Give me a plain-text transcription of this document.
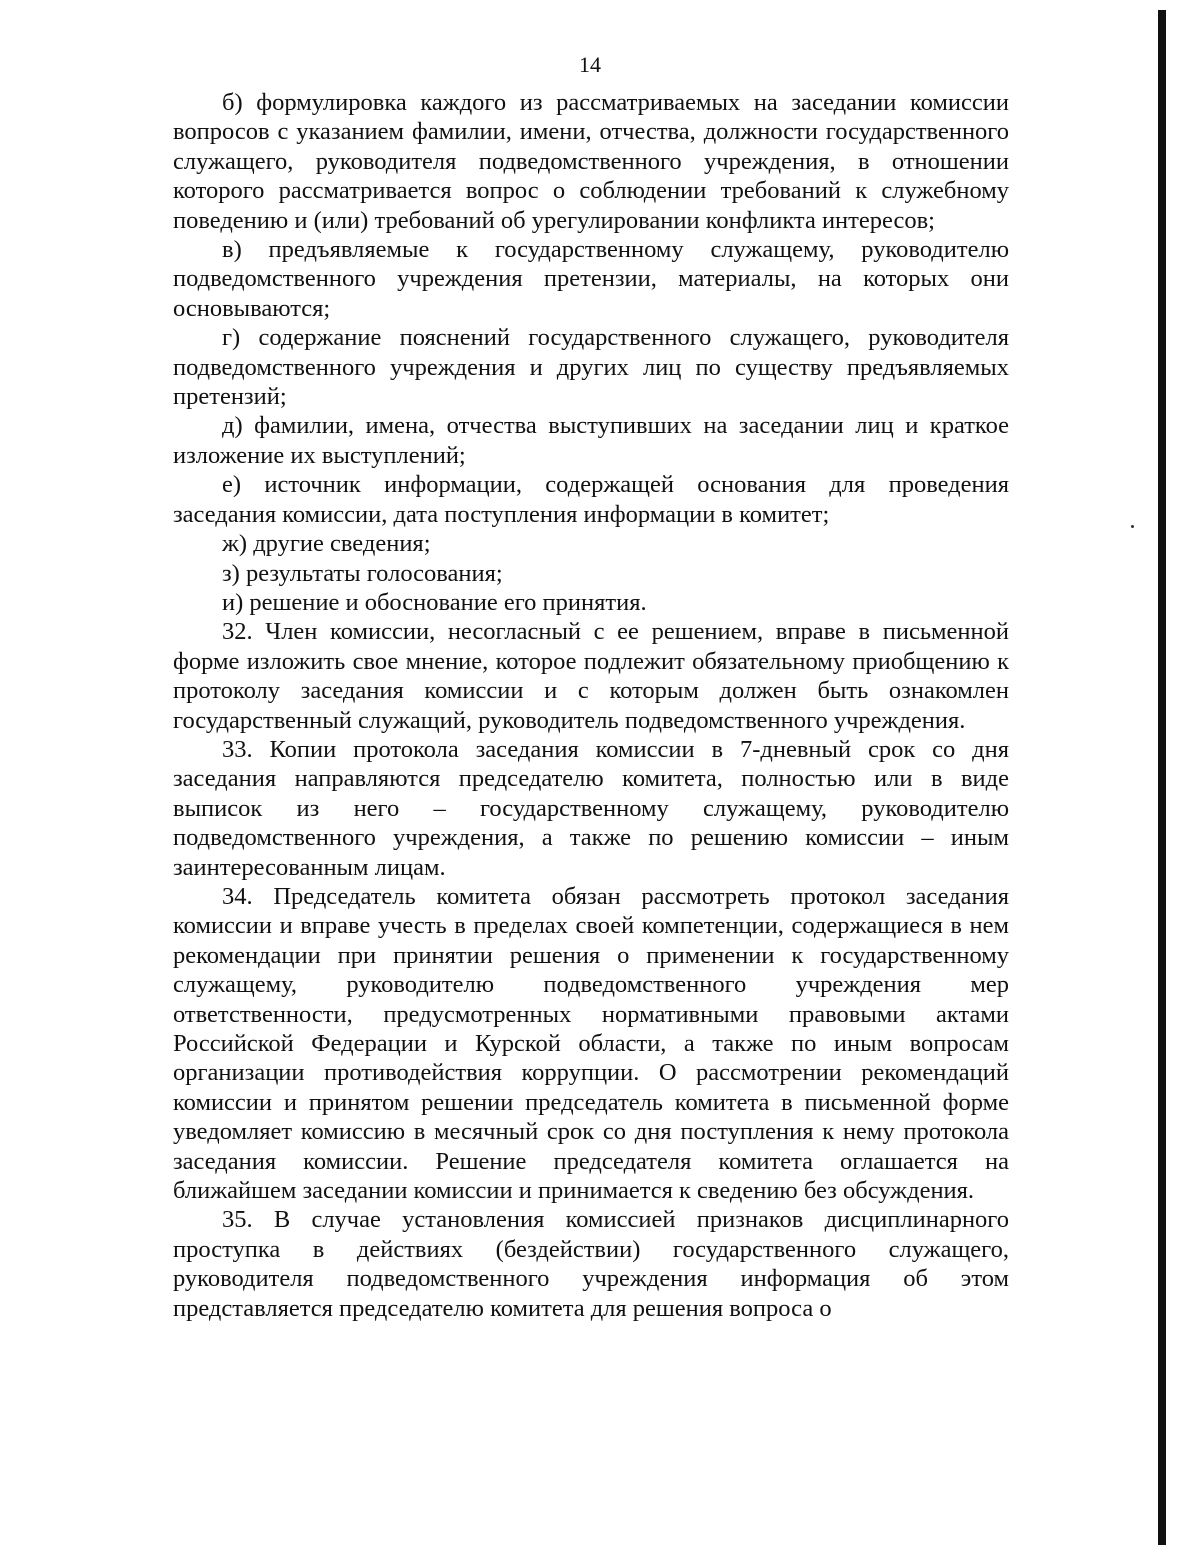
14

б) формулировка каждого из рассматриваемых на заседании комиссии вопросов с указанием фамилии, имени, отчества, должности государственного служащего, руководителя подведомственного учреждения, в отношении которого рассматривается вопрос о соблюдении требований к служебному поведению и (или) требований об урегулировании конфликта интересов;

в) предъявляемые к государственному служащему, руководителю подведомственного учреждения претензии, материалы, на которых они основываются;

г) содержание пояснений государственного служащего, руководителя подведомственного учреждения и других лиц по существу предъявляемых претензий;

д) фамилии, имена, отчества выступивших на заседании лиц и краткое изложение их выступлений;

е) источник информации, содержащей основания для проведения заседания комиссии, дата поступления информации в комитет;

ж) другие сведения;

з) результаты голосования;

и) решение и обоснование его принятия.

32. Член комиссии, несогласный с ее решением, вправе в письменной форме изложить свое мнение, которое подлежит обязательному приобщению к протоколу заседания комиссии и с которым должен быть ознакомлен государственный служащий, руководитель подведомственного учреждения.

33. Копии протокола заседания комиссии в 7-дневный срок со дня заседания направляются председателю комитета, полностью или в виде выписок из него – государственному служащему, руководителю подведомственного учреждения, а также по решению комиссии – иным заинтересованным лицам.

34. Председатель комитета обязан рассмотреть протокол заседания комиссии и вправе учесть в пределах своей компетенции, содержащиеся в нем рекомендации при принятии решения о применении к государственному служащему, руководителю подведомственного учреждения мер ответственности, предусмотренных нормативными правовыми актами Российской Федерации и Курской области, а также по иным вопросам организации противодействия коррупции. О рассмотрении рекомендаций комиссии и принятом решении председатель комитета в письменной форме уведомляет комиссию в месячный срок со дня поступления к нему протокола заседания комиссии. Решение председателя комитета оглашается на ближайшем заседании комиссии и принимается к сведению без обсуждения.

35. В случае установления комиссией признаков дисциплинарного проступка в действиях (бездействии) государственного служащего, руководителя подведомственного учреждения информация об этом представляется председателю комитета для решения вопроса о
